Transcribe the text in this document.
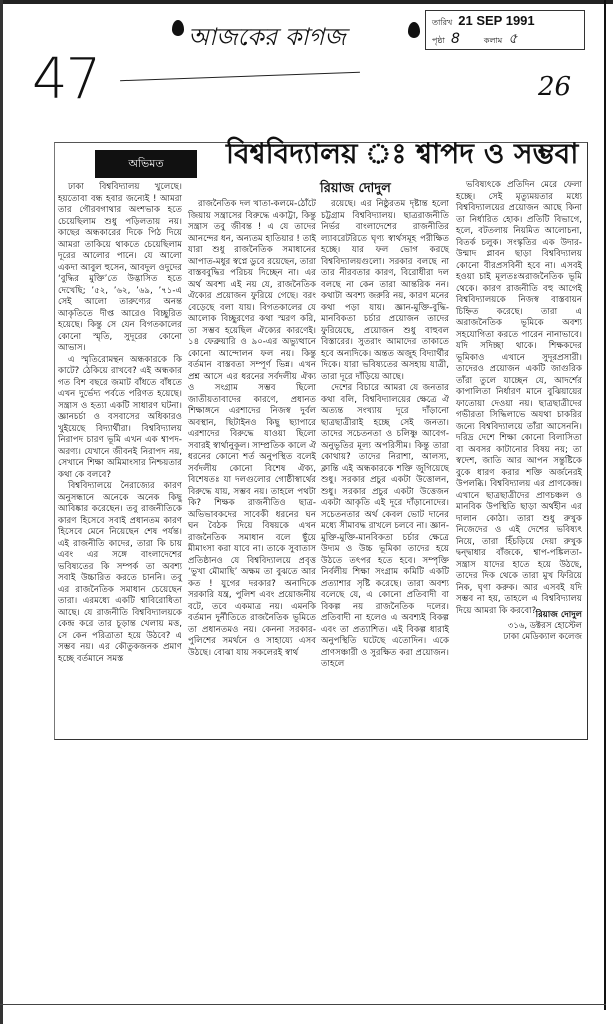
47
আজকের কাগজ
26
তারিখ 21 SEP 1991
পৃষ্ঠা 8	কলাম ৫
অভিমত	বিশ্ববিদ্যালয় ঃ শ্বাপদ ও সম্ভবা
রিয়াজ দোদুল

ঢাকা বিশ্ববিদ্যালয় খুলেছে। হয়তোবা বন্ধ হবার জন্যেই ! আমরা তার গৌরবগাথার অংশভাক হতে চেয়েছিলাম শুধু পড়িলতায় নয়। কাছের অন্ধকারের দিকে পিঠ দিয়ে আমরা তাকিয়ে থাকতে চেয়েছিলাম দূরের আলোর পানে। যে আলো একদা আবুল হুসেন, আবদুল ওদুদের ‘বুদ্ধির মুক্তি’তে উদ্ভাসিত হতে দেখেছি; ’৫২, ’৬২, ’৬৯, ’৭১-এ সেই আলো তারুণ্যের অনন্ত আকৃতিতে দীপ্ত আরেও বিচ্ছুরিত হয়েছে। কিন্তু সে যেন বিগতকালের কোনো স্মৃতি, সুদূরের কোনো আভাস।

এ স্মৃতিরোমন্থন অন্ধকারকে কি কাটে? ঠেকিয়ে রাখবে? এই অন্ধকার গত বিশ বছরে জমাট বাঁধতে বাঁধতে এখন দুর্ভেদ্য পর্বতে পরিণত হয়েছে। সন্ত্রাস ও হত্যা একটি সাধারণ ঘটনা। জ্ঞানচর্চা ও বসবাসের অধিকারও খুইয়েছে বিদ্যার্থীরা। বিশ্ববিদ্যালয় নিরাপদ চারণ ভূমি এখন এক শ্বাপদ-অরণ্য। যেখানে জীবনই নিরাপদ নয়, সেখানে শিক্ষা অমিমাংসার নিশ্চয়তার কথা কে বলবে?

বিশ্ববিদ্যালয়ে নৈরাজ্যের কারণ অনুসন্ধানে অনেকে অনেক কিছু আবিষ্কার করেছেন। তবু রাজনীতিকে কারণ হিসেবে সবাই প্রধানতম কারণ হিসেবে মেনে নিয়েছেন শেষ পর্যন্ত। এই রাজনীতি কাদের, তারা কি চায় এবং এর সঙ্গে বাংলাদেশের ভবিষ্যতের কি সম্পর্ক তা অবশ্য সবাই উচ্চারিত করতে চাননি। তবু এর রাজনৈতিক সমাধান চেয়েছেন তারা। এরমধ্যে একটি শ্বাবিরোধিতা আছে। যে রাজনীতি বিশ্ববিদ্যালয়কে কেন্দ্র করে তার চূড়ান্ত খেলায় মত্ত, সে কেন পরিত্রাতা হয়ে উঠবে? এ সম্ভব নয়। এর কৌতুকজনক প্রমাণ হচ্ছে বর্তমানে সমস্ত

রাজনৈতিক দল খাতা-কলমে-ঠোঁটে জিয়ায় সন্ত্রাসের বিরুদ্ধে একাট্টা, কিন্তু সন্ত্রাস তবু জীবন্ত ! এ যে তাদের আনন্দের ধন, অন্যতম হাতিয়ার ! তাই যারা শুধু রাজনৈতিক সমাধানের আপাত-মধুর স্বপ্নে ডুবে রয়েছেন, তারা বাস্তববুদ্ধির পরিচয় দিচ্ছেন না। এর অর্থ অবশ্য এই নয় যে, রাজনৈতিক ঐক্যের প্রয়োজন ফুরিয়ে গেছে। বরং বেড়েছে বলা যায়। বিগতকালের যে আলোক বিচ্ছুরণের কথা স্মরণ করি, তা সম্ভব হয়েছিল ঐক্যের কারণেই। ১৪ ফেব্রুয়ারি ও ৯০-এর অভ্যুত্থানে কোনো আন্দোলন ফল নয়। কিন্তু বর্তমান বাস্তবতা সম্পূর্ণ ভিন্ন। এখন প্রশ্ন আসে এর ধরনের সর্বদলীয় ঐক্য ও সংগ্রাম সম্ভব ছিলো জাতীয়তাবাদের কারণে, প্রধানত শিক্ষাঙ্গনে এরশাদের নিজস্ব দুর্বল অবস্থান, ছিটাইনও কিছু ছ্যাপারে এরশাদের বিরুদ্ধে যাওয়া ছিলো সবারই স্বার্থানুকূল। সাম্প্রতিক কালে ঐ ধরনের কোনো শর্ত অনুপস্থিত বলেই সর্বদলীয় কোনো বিশেষ ঐক্য, বিশেষতঃ যা দলগুলোর গোষ্ঠীস্বার্থের বিরুদ্ধে যায়, সম্ভব নয়। তাহলে পথটা কি? শিক্ষক রাজনীতিও ছাত্র-অভিভাবকদের সাবেকী ধরনের ঘন ঘন বৈঠক দিয়ে বিষয়কে এখন রাজনৈতিক সমাধান বলে ছুঁয়ে মীমাংসা করা যাবে না। তাকে সুবাতাস প্রতিষ্ঠানও যে বিশ্ববিদ্যালয়ে প্রবৃত্ত ‘ভুখা মৌমাছি’ অক্ষম তা বুঝতে আর কত ! যুগের দরকার? অনাদিকে সরকারি যন্ত্র, পুলিশ এবং প্রয়োজনীয় বটে, তবে একমাত্র নয়। এমনকি বর্তমান দুর্নীতিতে রাজনৈতিক ভূমিতে তা প্রধানতমও নয়। কেননা সরকার-পুলিশের সমর্থনে ও সাহায্যে এসব উঠছে। বোঝা যায় সকলেরই স্বার্থ

রয়েছে। এর নিষ্ঠুরতম দৃষ্টান্ত হলো চট্টগ্রাম বিশ্ববিদ্যালয়। ছাত্ররাজনীতি নির্ভর বাংলাদেশের রাজনীতির ল্যাবরেটরিতে ঘৃণ্য স্বার্থসমূহ পরীক্ষিত হচ্ছে। যার ফল ভোগ করছে বিশ্ববিদ্যালয়গুলো। সরকার বলছে না তার নীরবতার কারণ, বিরোধীরা দল বলছে না কেন তারা আন্তরিক নন। কথাটা অবশ্য জরুরি নয়, কারণ মনের কথা পড়া যায়। জ্ঞান-মুক্তি-বুদ্ধি-মানবিকতা চর্চার প্রয়োজন তাদের ফুরিয়েছে, প্রয়োজন শুধু বাহুবল বিস্তারের। সুতরাং আমাদের তাকাতে হবে অন্যদিকে। অন্তত অজুহ বিদ্যার্থীর দিকে। যারা ভবিষ্যতের অসহায় যাত্রী, তারা দূরে দাঁড়িয়ে আছে।

দেশের বিচারে আমরা যে জনতার কথা বলি, বিশ্ববিদ্যালয়ের ক্ষেত্রে ঐ অত্যন্ত সংখ্যায় দূরে দাঁড়ানো ছাত্রছাত্রীরাই হচ্ছে সেই জনতা। তাদের সচেতনতা ও চলিষ্ণু আবেগ-অনুভূতির মূল্য অপরিসীম। কিন্তু তারা কোথায়? তাদের নিরাশা, আলস্য, ক্লান্তি এই অন্ধকারকে শক্তি জুগিয়েছে শুধু। সরকার প্রচুর একটা উত্তোলন, শুধু। সরকার প্রচুর একটা উত্তেজন একটা আকৃতি এই দূরে দাঁড়ানোদের। সচেতনতার অর্থ কেবল ভোট দানের মধ্যে সীমাবদ্ধ রাখলে চলবে না। জ্ঞান-মুক্তি-মুক্তি-মানবিকতা চর্চার ক্ষেত্রে উদ্যম ও উচ্চ ভূমিকা তাদের হয়ে উঠতে তৎপর হতে হবে। সম্পৃক্তি নির্বলীয় শিক্ষা সংগ্রাম কমিটি একটি প্রত্যাশার সৃষ্টি করেছে। তারা অবশ্য বলেছে যে, এ কোনো প্রতিবাদী বা বিকল্প নয় রাজনৈতিক দলের। প্রতিবাদী না হলেও এ অবশ্যই বিকল্প এবং তা প্রত্যাশিত। এই বিকল্প ধারাই অনুপস্থিতি ঘটেছে এতোদিন। একে প্রাণসঞ্চারী ও সুরক্ষিত করা প্রয়োজন। তাহলে

ভবিষ্যৎকে প্রতিদিন মেরে ফেলা হচ্ছে। সেই মৃত্যুময়তার মধ্যে বিশ্ববিদ্যালয়ের প্রয়োজন আছে কিনা তা নির্ধারিত হোক। প্রতিটি বিভাগে, হলে, বটতলায় নিয়মিত আলোচনা, বিতর্ক চলুক। সংস্কৃতির এক উদার-উন্মাদ প্লাবন ছাড়া বিশ্ববিদ্যালয় কোনো বীরপ্রসবিনী হবে না। এসবই হওয়া চাই মূলতঃঅরাজনৈতিক ভূমি থেকে। কারণ রাজনীতি বহু আগেই বিশ্ববিদ্যালয়কে নিজস্ব বাস্তবায়ন চিহ্নিত করেছে। তারা এ অরাজনৈতিক ভূমিকে অবশ্য সহযোগিতা করতে পারেন নানাভাবে। যদি সদিচ্ছা থাকে। শিক্ষকদের ভূমিকাও এখানে সুদূরপ্রসারী। তাদেরও প্রয়োজন একটি জাগুরিক তাঁরা তুলে যাচ্ছেন যে, আদর্শের কাপালিতা নির্ধারণ মানে বুঝিয়ায়ের ফাতোয়া দেওয়া নয়। ছাত্রছাত্রীদের গভীরতা সিদ্ধিলাভে অযথা চাকরির জন্যে বিশ্ববিদ্যালয়ে তাঁরা আসেননি। দরিদ্র দেশে শিক্ষা কোনো বিলাসিতা বা অবসর কাটানোর বিষয় নয়; তা স্বদেশ, জাতি আর আপন সন্তুষ্টিকে বুকে ধারণ করার শক্তি অর্জনেরই উপলব্ধি। বিশ্ববিদ্যালয় এর প্রাণকেন্দ্র। এখানে ছাত্রছাত্রীদের প্রাণচঞ্চল ও মানবিক উপস্থিতি ছাড়া অর্থহীন এর দালান কোঠা। তারা শুধু রুখুক নিজেদের ও এই দেশের ভবিষ্যৎ নিয়ে, তারা হিঁচড়িয়ে দেয়া রুখুক দ্বন্দ্বাধার বাঁজকে, শ্বাপ-পঙ্কিলতা-সন্ত্রাস যাদের হাতে হয়ে উঠছে, তাদের দিক থেকে তারা মুখ ফিরিয়ে নিক, ঘৃণা করুক। আর এসবই যদি সম্ভব না হয়, তাহলে এ বিশ্ববিদ্যালয় দিয়ে আমরা কি করবো? রিয়াজ দোদুল
৩১৬, ডক্টরস হোস্টেল
ঢাকা মেডিক্যাল কলেজ
